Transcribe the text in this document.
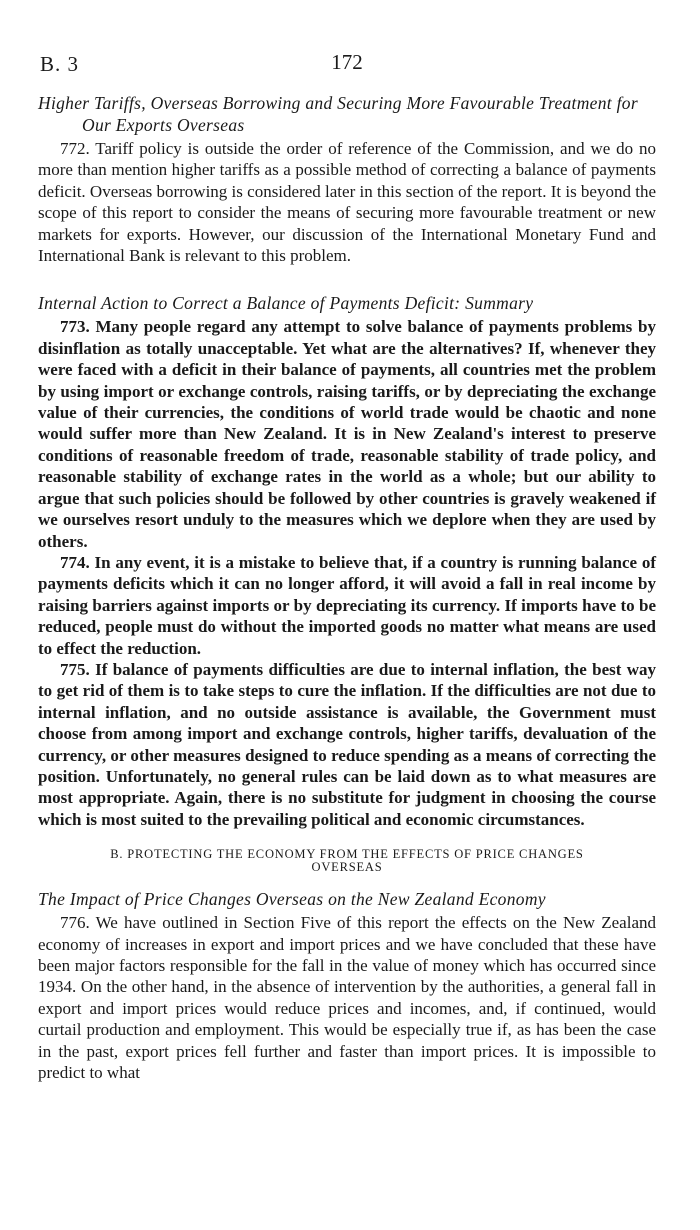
B. 3	172
Higher Tariffs, Overseas Borrowing and Securing More Favourable Treatment for Our Exports Overseas

772. Tariff policy is outside the order of reference of the Commission, and we do no more than mention higher tariffs as a possible method of correcting a balance of payments deficit. Overseas borrowing is considered later in this section of the report. It is beyond the scope of this report to consider the means of securing more favourable treatment or new markets for exports. However, our discussion of the International Monetary Fund and International Bank is relevant to this problem.

Internal Action to Correct a Balance of Payments Deficit: Summary

773. Many people regard any attempt to solve balance of payments problems by disinflation as totally unacceptable. Yet what are the alternatives? If, whenever they were faced with a deficit in their balance of payments, all countries met the problem by using import or exchange controls, raising tariffs, or by depreciating the exchange value of their currencies, the conditions of world trade would be chaotic and none would suffer more than New Zealand. It is in New Zealand's interest to preserve conditions of reasonable freedom of trade, reasonable stability of trade policy, and reasonable stability of exchange rates in the world as a whole; but our ability to argue that such policies should be followed by other countries is gravely weakened if we ourselves resort unduly to the measures which we deplore when they are used by others.

774. In any event, it is a mistake to believe that, if a country is running balance of payments deficits which it can no longer afford, it will avoid a fall in real income by raising barriers against imports or by depreciating its currency. If imports have to be reduced, people must do without the imported goods no matter what means are used to effect the reduction.

775. If balance of payments difficulties are due to internal inflation, the best way to get rid of them is to take steps to cure the inflation. If the difficulties are not due to internal inflation, and no outside assistance is available, the Government must choose from among import and exchange controls, higher tariffs, devaluation of the currency, or other measures designed to reduce spending as a means of correcting the position. Unfortunately, no general rules can be laid down as to what measures are most appropriate. Again, there is no substitute for judgment in choosing the course which is most suited to the prevailing political and economic circumstances.

B. PROTECTING THE ECONOMY FROM THE EFFECTS OF PRICE CHANGES OVERSEAS
The Impact of Price Changes Overseas on the New Zealand Economy

776. We have outlined in Section Five of this report the effects on the New Zealand economy of increases in export and import prices and we have concluded that these have been major factors responsible for the fall in the value of money which has occurred since 1934. On the other hand, in the absence of intervention by the authorities, a general fall in export and import prices would reduce prices and incomes, and, if continued, would curtail production and employment. This would be especially true if, as has been the case in the past, export prices fell further and faster than import prices. It is impossible to predict to what
